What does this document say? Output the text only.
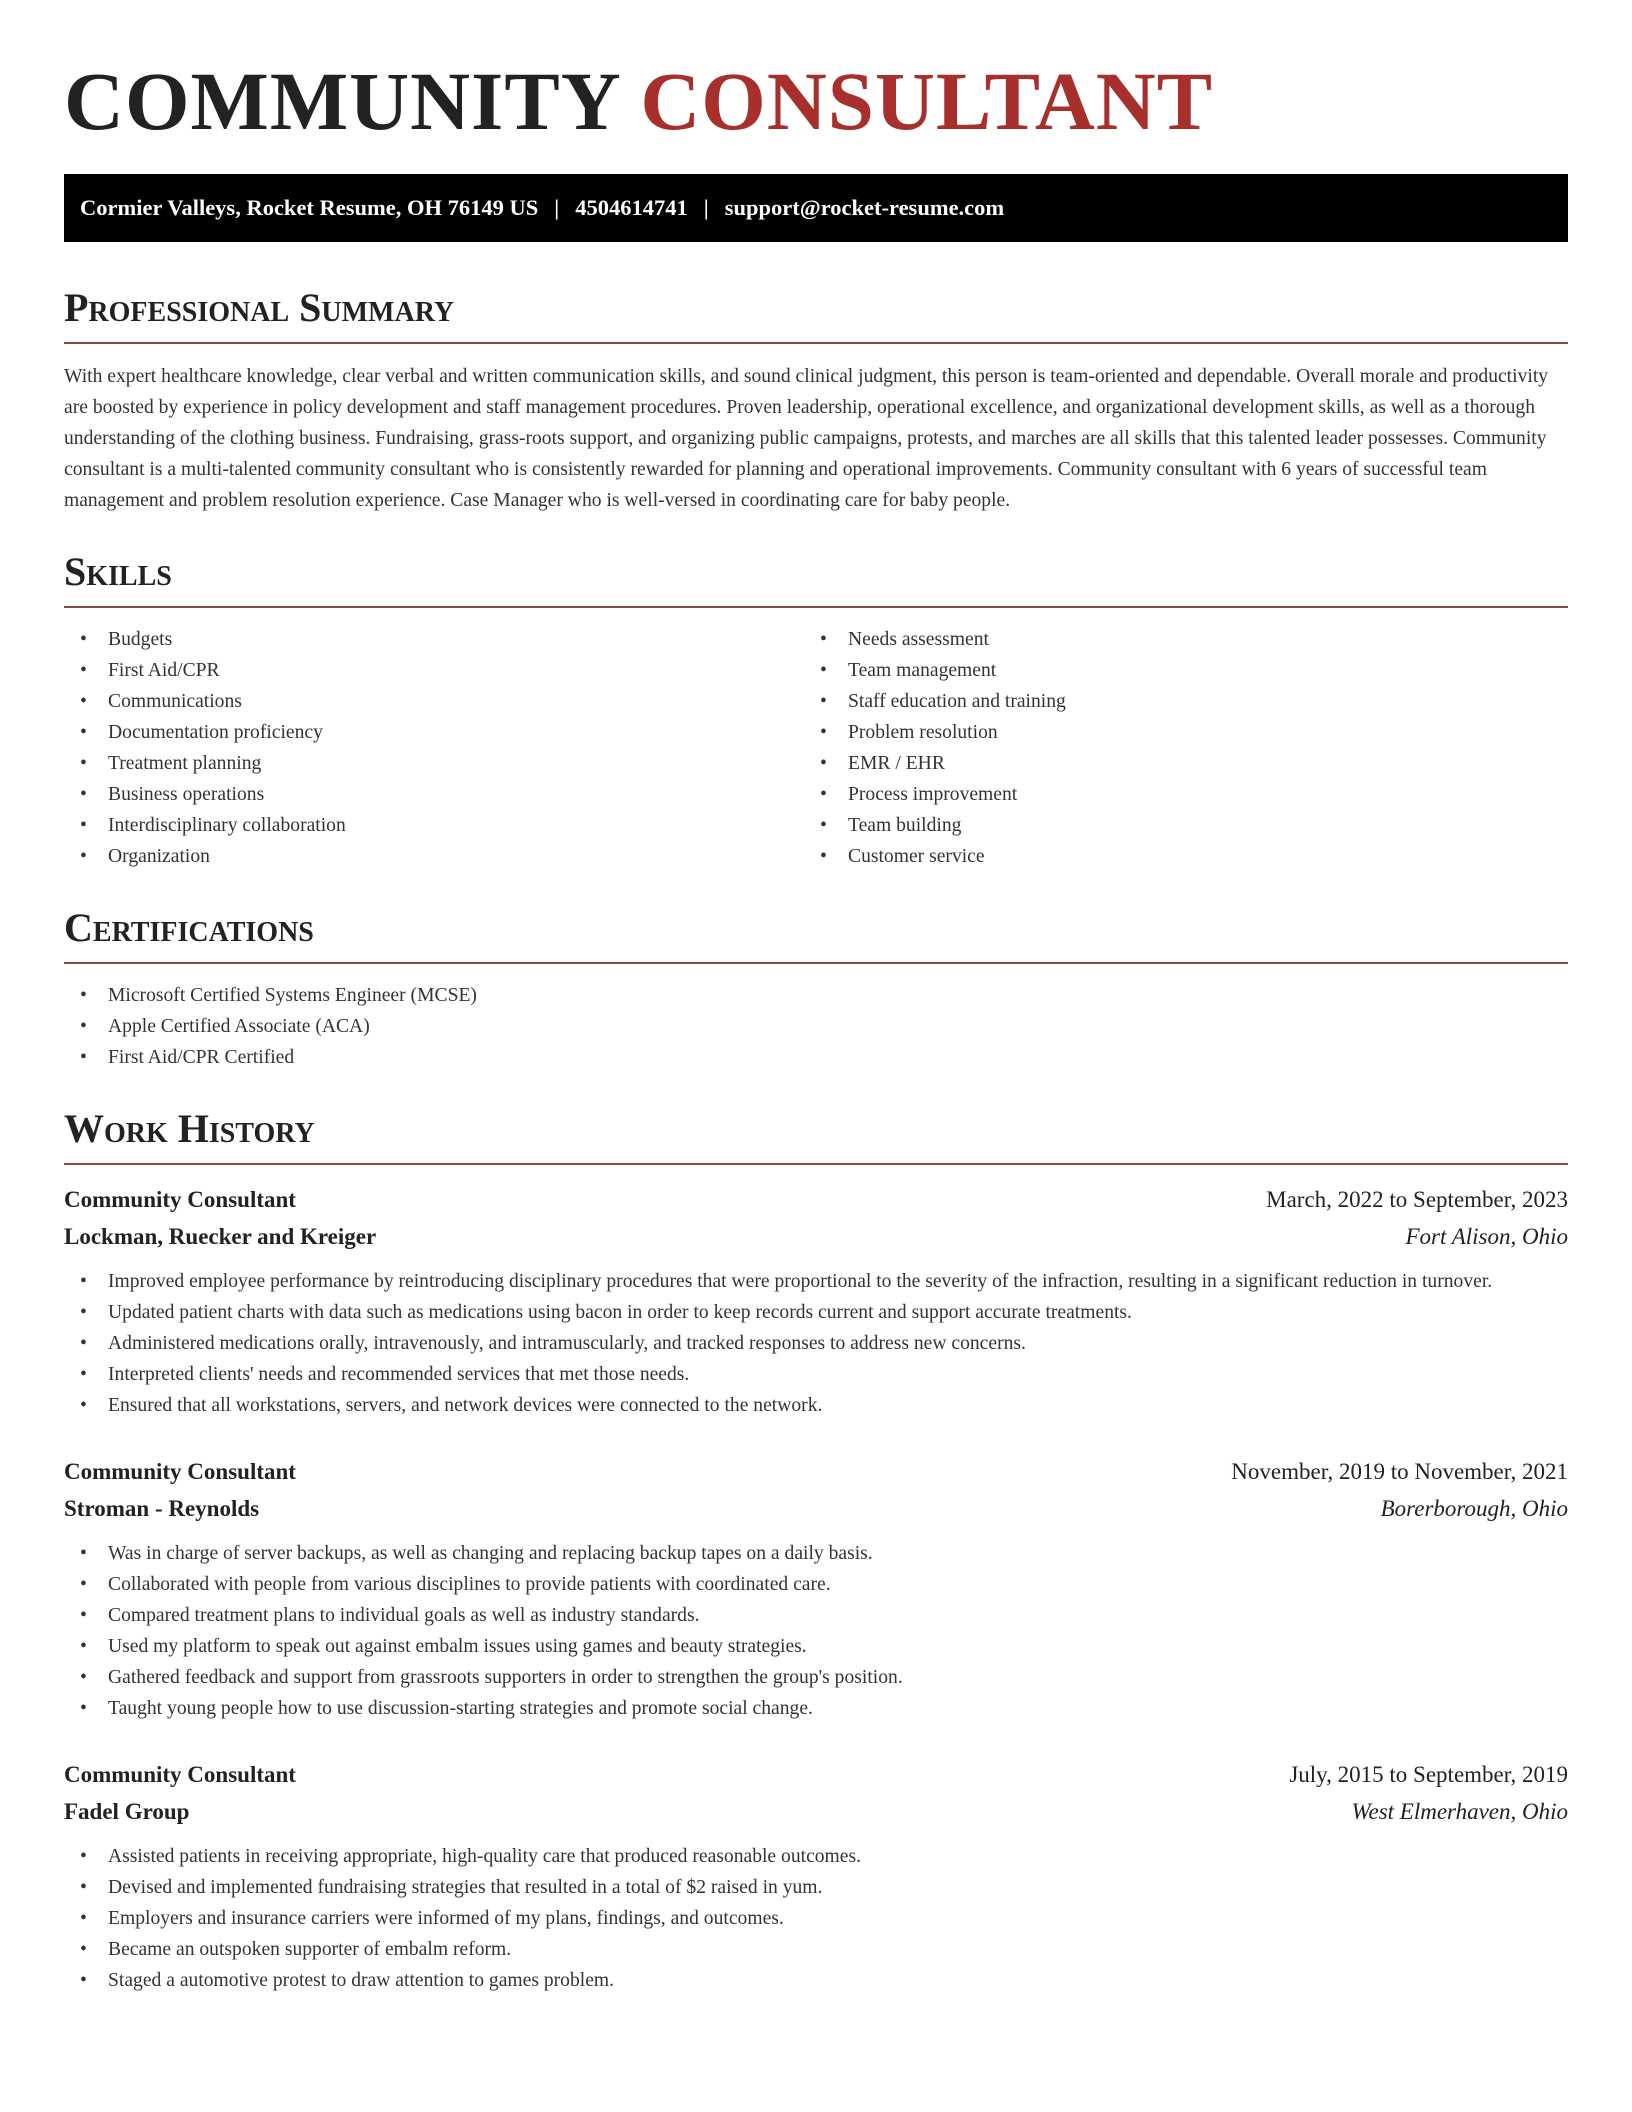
COMMUNITY CONSULTANT
Cormier Valleys, Rocket Resume, OH 76149 US | 4504614741 | support@rocket-resume.com
Professional Summary

With expert healthcare knowledge, clear verbal and written communication skills, and sound clinical judgment, this person is team-oriented and dependable. Overall morale and productivity are boosted by experience in policy development and staff management procedures. Proven leadership, operational excellence, and organizational development skills, as well as a thorough understanding of the clothing business. Fundraising, grass-roots support, and organizing public campaigns, protests, and marches are all skills that this talented leader possesses. Community consultant is a multi-talented community consultant who is consistently rewarded for planning and operational improvements. Community consultant with 6 years of successful team management and problem resolution experience. Case Manager who is well-versed in coordinating care for baby people.

Skills
• Budgets
• First Aid/CPR
• Communications
• Documentation proficiency
• Treatment planning
• Business operations
• Interdisciplinary collaboration
• Organization
• Needs assessment
• Team management
• Staff education and training
• Problem resolution
• EMR / EHR
• Process improvement
• Team building
• Customer service
Certifications
• Microsoft Certified Systems Engineer (MCSE)
• Apple Certified Associate (ACA)
• First Aid/CPR Certified
Work History
Community Consultant	March, 2022 to September, 2023
Lockman, Ruecker and Kreiger	Fort Alison, Ohio
• Improved employee performance by reintroducing disciplinary procedures that were proportional to the severity of the infraction, resulting in a significant reduction in turnover.
• Updated patient charts with data such as medications using bacon in order to keep records current and support accurate treatments.
• Administered medications orally, intravenously, and intramuscularly, and tracked responses to address new concerns.
• Interpreted clients' needs and recommended services that met those needs.
• Ensured that all workstations, servers, and network devices were connected to the network.
Community Consultant	November, 2019 to November, 2021
Stroman - Reynolds	Borerborough, Ohio
• Was in charge of server backups, as well as changing and replacing backup tapes on a daily basis.
• Collaborated with people from various disciplines to provide patients with coordinated care.
• Compared treatment plans to individual goals as well as industry standards.
• Used my platform to speak out against embalm issues using games and beauty strategies.
• Gathered feedback and support from grassroots supporters in order to strengthen the group's position.
• Taught young people how to use discussion-starting strategies and promote social change.
Community Consultant	July, 2015 to September, 2019
Fadel Group	West Elmerhaven, Ohio
• Assisted patients in receiving appropriate, high-quality care that produced reasonable outcomes.
• Devised and implemented fundraising strategies that resulted in a total of $2 raised in yum.
• Employers and insurance carriers were informed of my plans, findings, and outcomes.
• Became an outspoken supporter of embalm reform.
• Staged a automotive protest to draw attention to games problem.
